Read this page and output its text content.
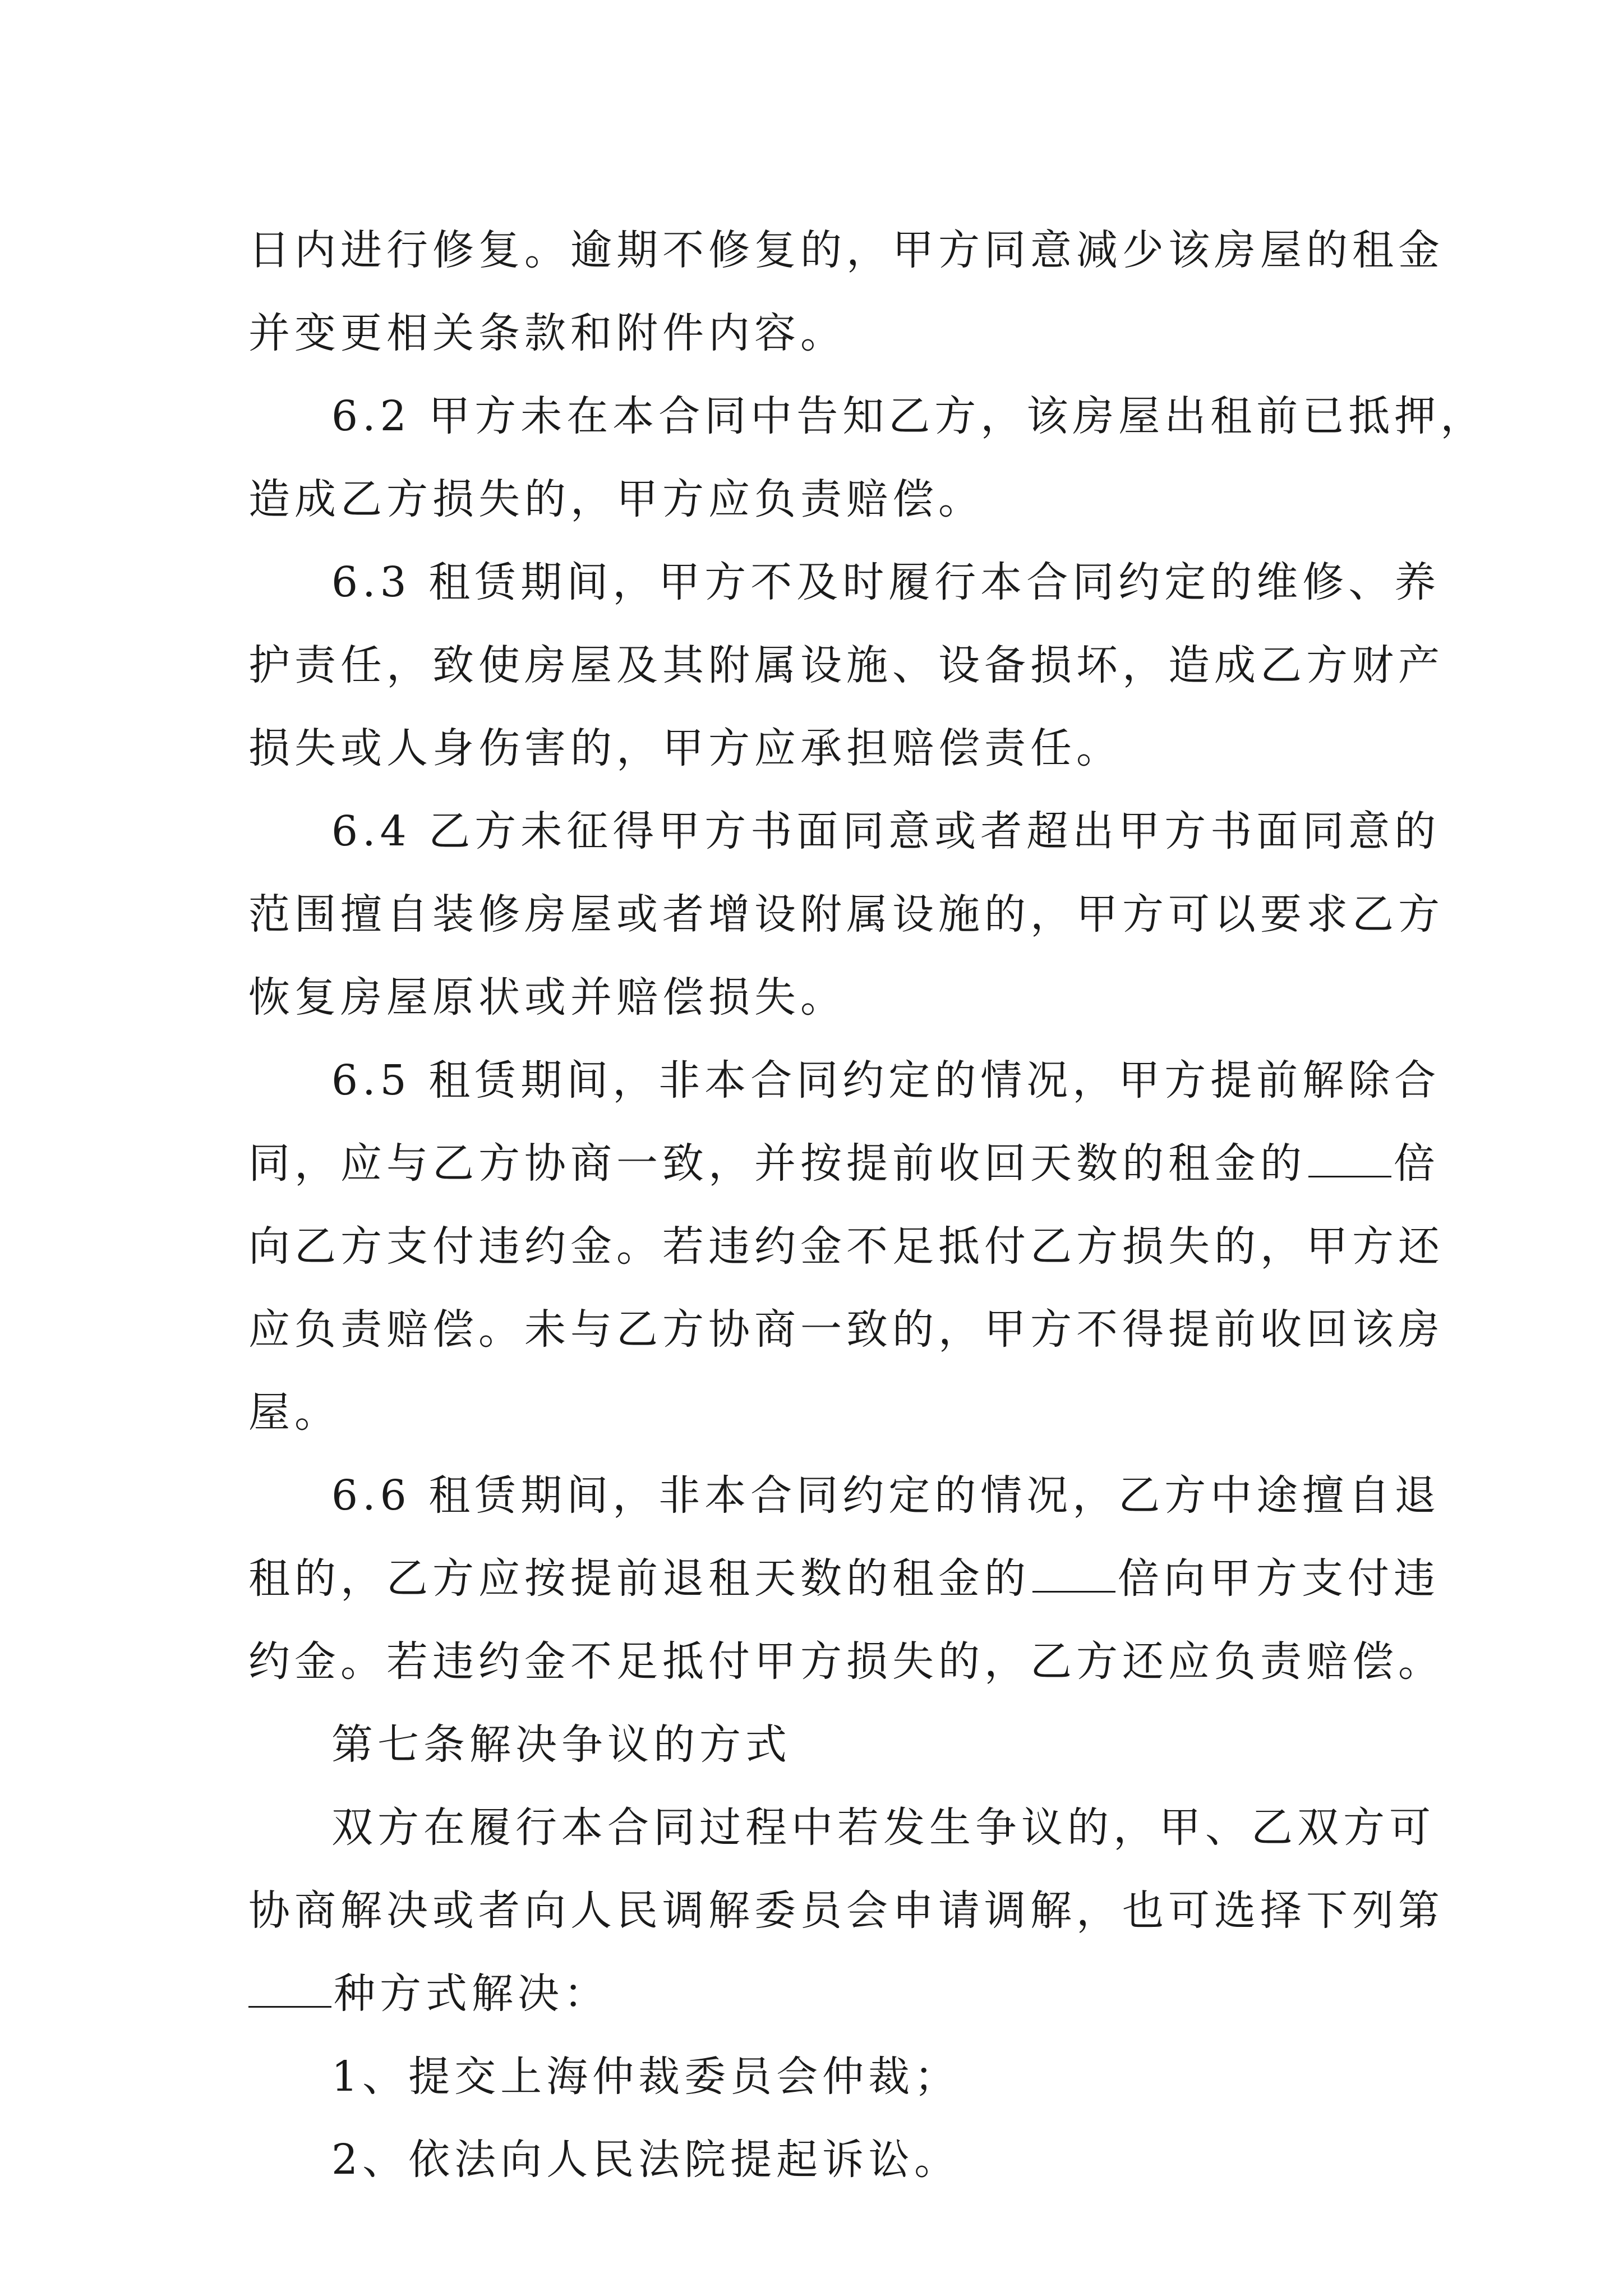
日内进行修复。逾期不修复的，甲方同意减少该房屋的租金
并变更相关条款和附件内容。
6.2 甲方未在本合同中告知乙方，该房屋出租前已抵押，
造成乙方损失的，甲方应负责赔偿。
6.3 租赁期间，甲方不及时履行本合同约定的维修、养
护责任，致使房屋及其附属设施、设备损坏，造成乙方财产
损失或人身伤害的，甲方应承担赔偿责任。
6.4 乙方未征得甲方书面同意或者超出甲方书面同意的
范围擅自装修房屋或者增设附属设施的，甲方可以要求乙方
恢复房屋原状或并赔偿损失。
6.5 租赁期间，非本合同约定的情况，甲方提前解除合
同，应与乙方协商一致，并按提前收回天数的租金的 倍
向乙方支付违约金。若违约金不足抵付乙方损失的，甲方还
应负责赔偿。未与乙方协商一致的，甲方不得提前收回该房
屋。
6.6 租赁期间，非本合同约定的情况，乙方中途擅自退
租的，乙方应按提前退租天数的租金的 倍向甲方支付违
约金。若违约金不足抵付甲方损失的，乙方还应负责赔偿。
第七条解决争议的方式
双方在履行本合同过程中若发生争议的，甲、乙双方可
协商解决或者向人民调解委员会申请调解，也可选择下列第
种方式解决：
1、提交上海仲裁委员会仲裁；
2、依法向人民法院提起诉讼。
